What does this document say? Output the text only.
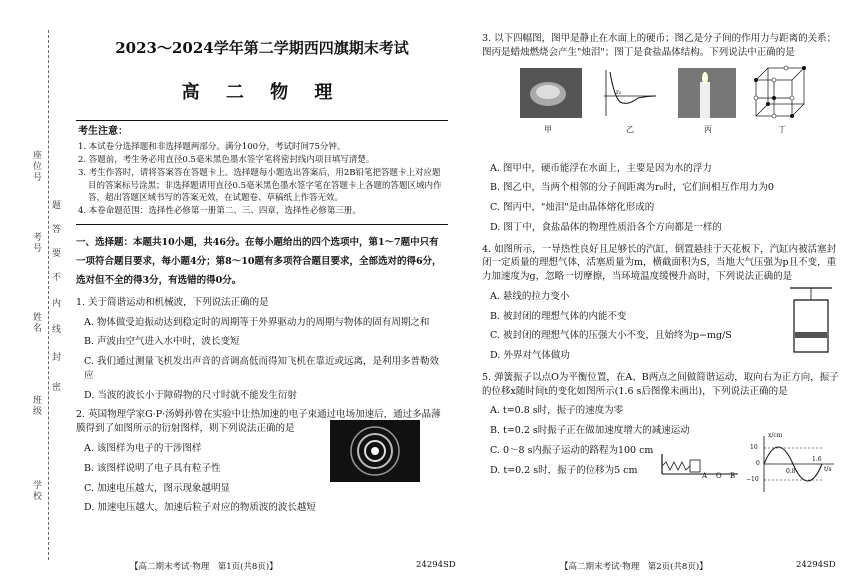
学校
班级
姓名
考号
座位号
密
封
线
内
不
要
答
题
2023～2024学年第二学期西四旗期末考试
高 二 物 理
考生注意：
1. 本试卷分选择题和非选择题两部分。满分100分，考试时间75分钟。
2. 答题前，考生务必用直径0.5毫米黑色墨水签字笔将密封线内项目填写清楚。
3. 考生作答时，请将答案答在答题卡上。选择题每小题选出答案后，用2B铅笔把答题卡上对应题目的答案标号涂黑；非选择题请用直径0.5毫米黑色墨水签字笔在答题卡上各题的答题区域内作答，超出答题区域书写的答案无效，在试题卷、草稿纸上作答无效。
4. 本卷命题范围：选择性必修第一册第二、三、四章，选择性必修第三册。
一、选择题：本题共10小题，共46分。在每小题给出的四个选项中，第1～7题中只有一项符合题目要求，每小题4分；第8～10题有多项符合题目要求，全部选对的得6分，选对但不全的得3分，有选错的得0分。
1. 关于简谐运动和机械波，下列说法正确的是
A. 物体做受迫振动达到稳定时的周期等于外界驱动力的周期与物体的固有周期之和
B. 声波由空气进入水中时，波长变短
C. 我们通过测量飞机发出声音的音调高低而得知飞机在靠近或远离，是利用多普勒效应
D. 当波的波长小于障碍物的尺寸时就不能发生衍射
2. 英国物理学家G·P·汤姆孙曾在实验中让热加速的电子束通过电场加速后，通过多晶薄膜得到了如图所示的衍射图样，则下列说法正确的是
A. 该图样为电子的干涉图样
B. 该图样说明了电子具有粒子性
C. 加速电压越大，图示现象越明显
D. 加速电压越大，加速后粒子对应的物质波的波长越短
【高二期末考试·物理　第1页(共8页)】	24294SD
3. 以下四幅图，图甲是静止在水面上的硬币；图乙是分子间的作用力与距离的关系；图丙是蜡烛燃烧会产生"烛泪"；图丁是食盐晶体结构。下列说法中正确的是
甲
r₀
乙	丙	丁
A. 图甲中，硬币能浮在水面上，主要是因为水的浮力
B. 图乙中，当两个相邻的分子间距离为r₀时，它们间相互作用力为0
C. 图丙中，"烛泪"是由晶体熔化形成的
D. 图丁中，食盐晶体的物理性质沿各个方向都是一样的
4. 如图所示，一导热性良好且足够长的汽缸，倒置悬挂于天花板下，汽缸内被活塞封闭一定质量的理想气体，活塞质量为m，横截面积为S，当地大气压强为p且不变，重力加速度为g，忽略一切摩擦，当环境温度缓慢升高时，下列说法正确的是
A. 悬线的拉力变小
B. 被封闭的理想气体的内能不变
C. 被封闭的理想气体的压强大小不变，且始终为p−mg/S
D. 外界对气体做功
5. 弹簧振子以点O为平衡位置，在A、B两点之间做简谐运动，取向右为正方向，振子的位移x随时间t的变化如图所示(1.6 s后图像未画出)，下列说法正确的是
A. t=0.8 s时，振子的速度为零
B. t=0.2 s时振子正在做加速度增大的减速运动
C. 0～8 s内振子运动的路程为100 cm
D. t=0.2 s时，振子的位移为5 cm
A O B
x/cm
t/s
10
0
−10
0.8
1.6
【高二期末考试·物理　第2页(共8页)】	24294SD
